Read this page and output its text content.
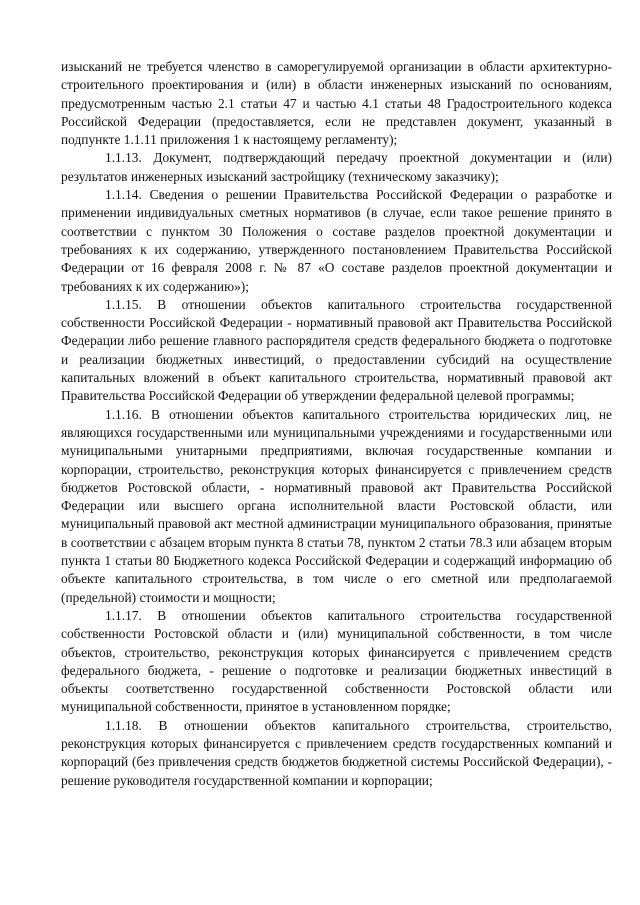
изысканий не требуется членство в саморегулируемой организации в области архитектурно-строительного проектирования и (или) в области инженерных изысканий по основаниям, предусмотренным частью 2.1 статьи 47 и частью 4.1 статьи 48 Градостроительного кодекса Российской Федерации (предоставляется, если не представлен документ, указанный в подпункте 1.1.11 приложения 1 к настоящему регламенту);

1.1.13. Документ, подтверждающий передачу проектной документации и (или) результатов инженерных изысканий застройщику (техническому заказчику);

1.1.14. Сведения о решении Правительства Российской Федерации о разработке и применении индивидуальных сметных нормативов (в случае, если такое решение принято в соответствии с пунктом 30 Положения о составе разделов проектной документации и требованиях к их содержанию, утвержденного постановлением Правительства Российской Федерации от 16 февраля 2008 г. № 87 «О составе разделов проектной документации и требованиях к их содержанию»);

1.1.15. В отношении объектов капитального строительства государственной собственности Российской Федерации - нормативный правовой акт Правительства Российской Федерации либо решение главного распорядителя средств федерального бюджета о подготовке и реализации бюджетных инвестиций, о предоставлении субсидий на осуществление капитальных вложений в объект капитального строительства, нормативный правовой акт Правительства Российской Федерации об утверждении федеральной целевой программы;

1.1.16. В отношении объектов капитального строительства юридических лиц, не являющихся государственными или муниципальными учреждениями и государственными или муниципальными унитарными предприятиями, включая государственные компании и корпорации, строительство, реконструкция которых финансируется с привлечением средств бюджетов Ростовской области, - нормативный правовой акт Правительства Российской Федерации или высшего органа исполнительной власти Ростовской области, или муниципальный правовой акт местной администрации муниципального образования, принятые в соответствии с абзацем вторым пункта 8 статьи 78, пунктом 2 статьи 78.3 или абзацем вторым пункта 1 статьи 80 Бюджетного кодекса Российской Федерации и содержащий информацию об объекте капитального строительства, в том числе о его сметной или предполагаемой (предельной) стоимости и мощности;

1.1.17. В отношении объектов капитального строительства государственной собственности Ростовской области и (или) муниципальной собственности, в том числе объектов, строительство, реконструкция которых финансируется с привлечением средств федерального бюджета, - решение о подготовке и реализации бюджетных инвестиций в объекты соответственно государственной собственности Ростовской области или муниципальной собственности, принятое в установленном порядке;

1.1.18. В отношении объектов капитального строительства, строительство, реконструкция которых финансируется с привлечением средств государственных компаний и корпораций (без привлечения средств бюджетов бюджетной системы Российской Федерации), - решение руководителя государственной компании и корпорации;
